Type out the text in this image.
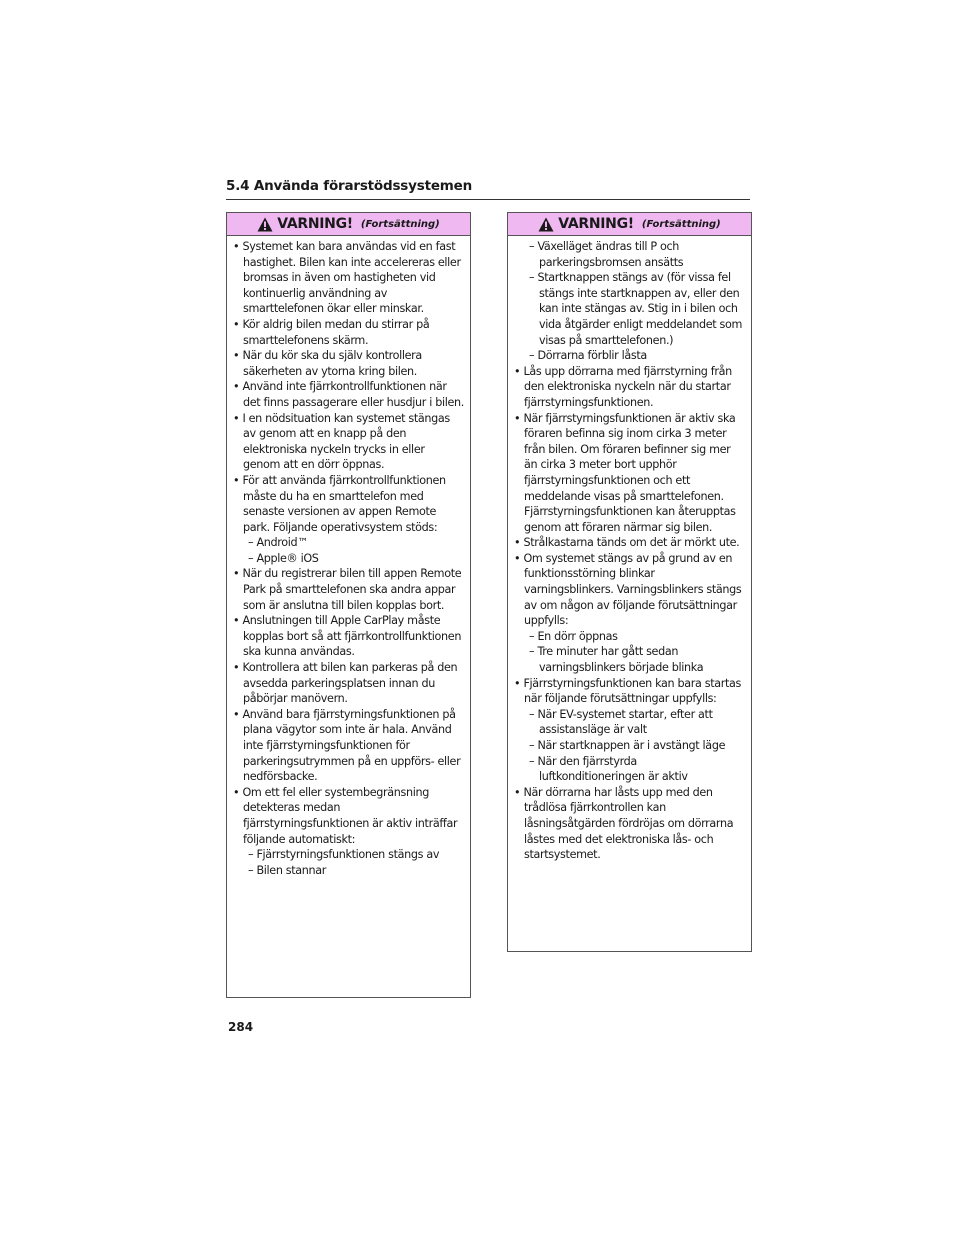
5.4 Använda förarstödssystemen
VARNING! (Fortsättning)
• Systemet kan bara användas vid en fast hastighet. Bilen kan inte accelereras eller bromsas in även om hastigheten vid kontinuerlig användning av smarttelefonen ökar eller minskar.
• Kör aldrig bilen medan du stirrar på smarttelefonens skärm.
• När du kör ska du själv kontrollera säkerheten av ytorna kring bilen.
• Använd inte fjärrkontrollfunktionen när det finns passagerare eller husdjur i bilen.
• I en nödsituation kan systemet stängas av genom att en knapp på den elektroniska nyckeln trycks in eller genom att en dörr öppnas.
• För att använda fjärrkontrollfunktionen måste du ha en smarttelefon med senaste versionen av appen Remote park. Följande operativsystem stöds:
– Android™
– Apple® iOS
• När du registrerar bilen till appen Remote Park på smarttelefonen ska andra appar som är anslutna till bilen kopplas bort.
• Anslutningen till Apple CarPlay måste kopplas bort så att fjärrkontrollfunktionen ska kunna användas.
• Kontrollera att bilen kan parkeras på den avsedda parkeringsplatsen innan du påbörjar manövern.
• Använd bara fjärrstyrningsfunktionen på plana vägytor som inte är hala. Använd inte fjärrstyrningsfunktionen för parkeringsutrymmen på en uppförs- eller nedförsbacke.
• Om ett fel eller systembegränsning detekteras medan fjärrstyrningsfunktionen är aktiv inträffar följande automatiskt:
– Fjärrstyrningsfunktionen stängs av
– Bilen stannar
VARNING! (Fortsättning)
– Växelläget ändras till P och parkeringsbromsen ansätts
– Startknappen stängs av (för vissa fel stängs inte startknappen av, eller den kan inte stängas av. Stig in i bilen och vida åtgärder enligt meddelandet som visas på smarttelefonen.)
– Dörrarna förblir låsta
• Lås upp dörrarna med fjärrstyrning från den elektroniska nyckeln när du startar fjärrstyrningsfunktionen.
• När fjärrstyrningsfunktionen är aktiv ska föraren befinna sig inom cirka 3 meter från bilen. Om föraren befinner sig mer än cirka 3 meter bort upphör fjärrstyrningsfunktionen och ett meddelande visas på smarttelefonen. Fjärrstyrningsfunktionen kan återupptas genom att föraren närmar sig bilen.
• Strålkastarna tänds om det är mörkt ute.
• Om systemet stängs av på grund av en funktionsstörning blinkar varningsblinkers. Varningsblinkers stängs av om någon av följande förutsättningar uppfylls:
– En dörr öppnas
– Tre minuter har gått sedan varningsblinkers började blinka
• Fjärrstyrningsfunktionen kan bara startas när följande förutsättningar uppfylls:
– När EV-systemet startar, efter att assistansläge är valt
– När startknappen är i avstängt läge
– När den fjärrstyrda luftkonditioneringen är aktiv
• När dörrarna har låsts upp med den trådlösa fjärrkontrollen kan låsningsåtgärden fördröjas om dörrarna låstes med det elektroniska lås- och startsystemet.
284
